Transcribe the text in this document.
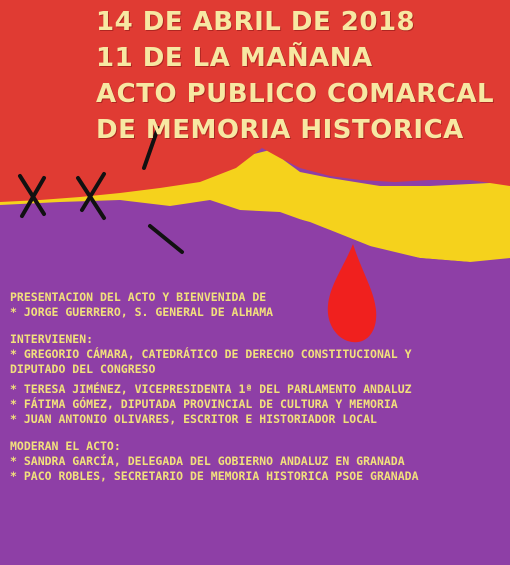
14 DE ABRIL DE 2018
11 DE LA MAÑANA
ACTO PUBLICO COMARCAL
DE MEMORIA HISTORICA
PRESENTACION DEL ACTO Y BIENVENIDA DE
* JORGE GUERRERO, S. GENERAL DE ALHAMA
INTERVIENEN:
* GREGORIO CÁMARA, CATEDRÁTICO DE DERECHO CONSTITUCIONAL Y
DIPUTADO DEL CONGRESO
* TERESA JIMÉNEZ, VICEPRESIDENTA 1ª DEL PARLAMENTO ANDALUZ
* FÁTIMA GÓMEZ, DIPUTADA PROVINCIAL DE CULTURA Y MEMORIA
* JUAN ANTONIO OLIVARES, ESCRITOR E HISTORIADOR LOCAL
MODERAN EL ACTO:
* SANDRA GARCÍA, DELEGADA DEL GOBIERNO ANDALUZ EN GRANADA
* PACO ROBLES, SECRETARIO DE MEMORIA HISTORICA PSOE GRANADA
